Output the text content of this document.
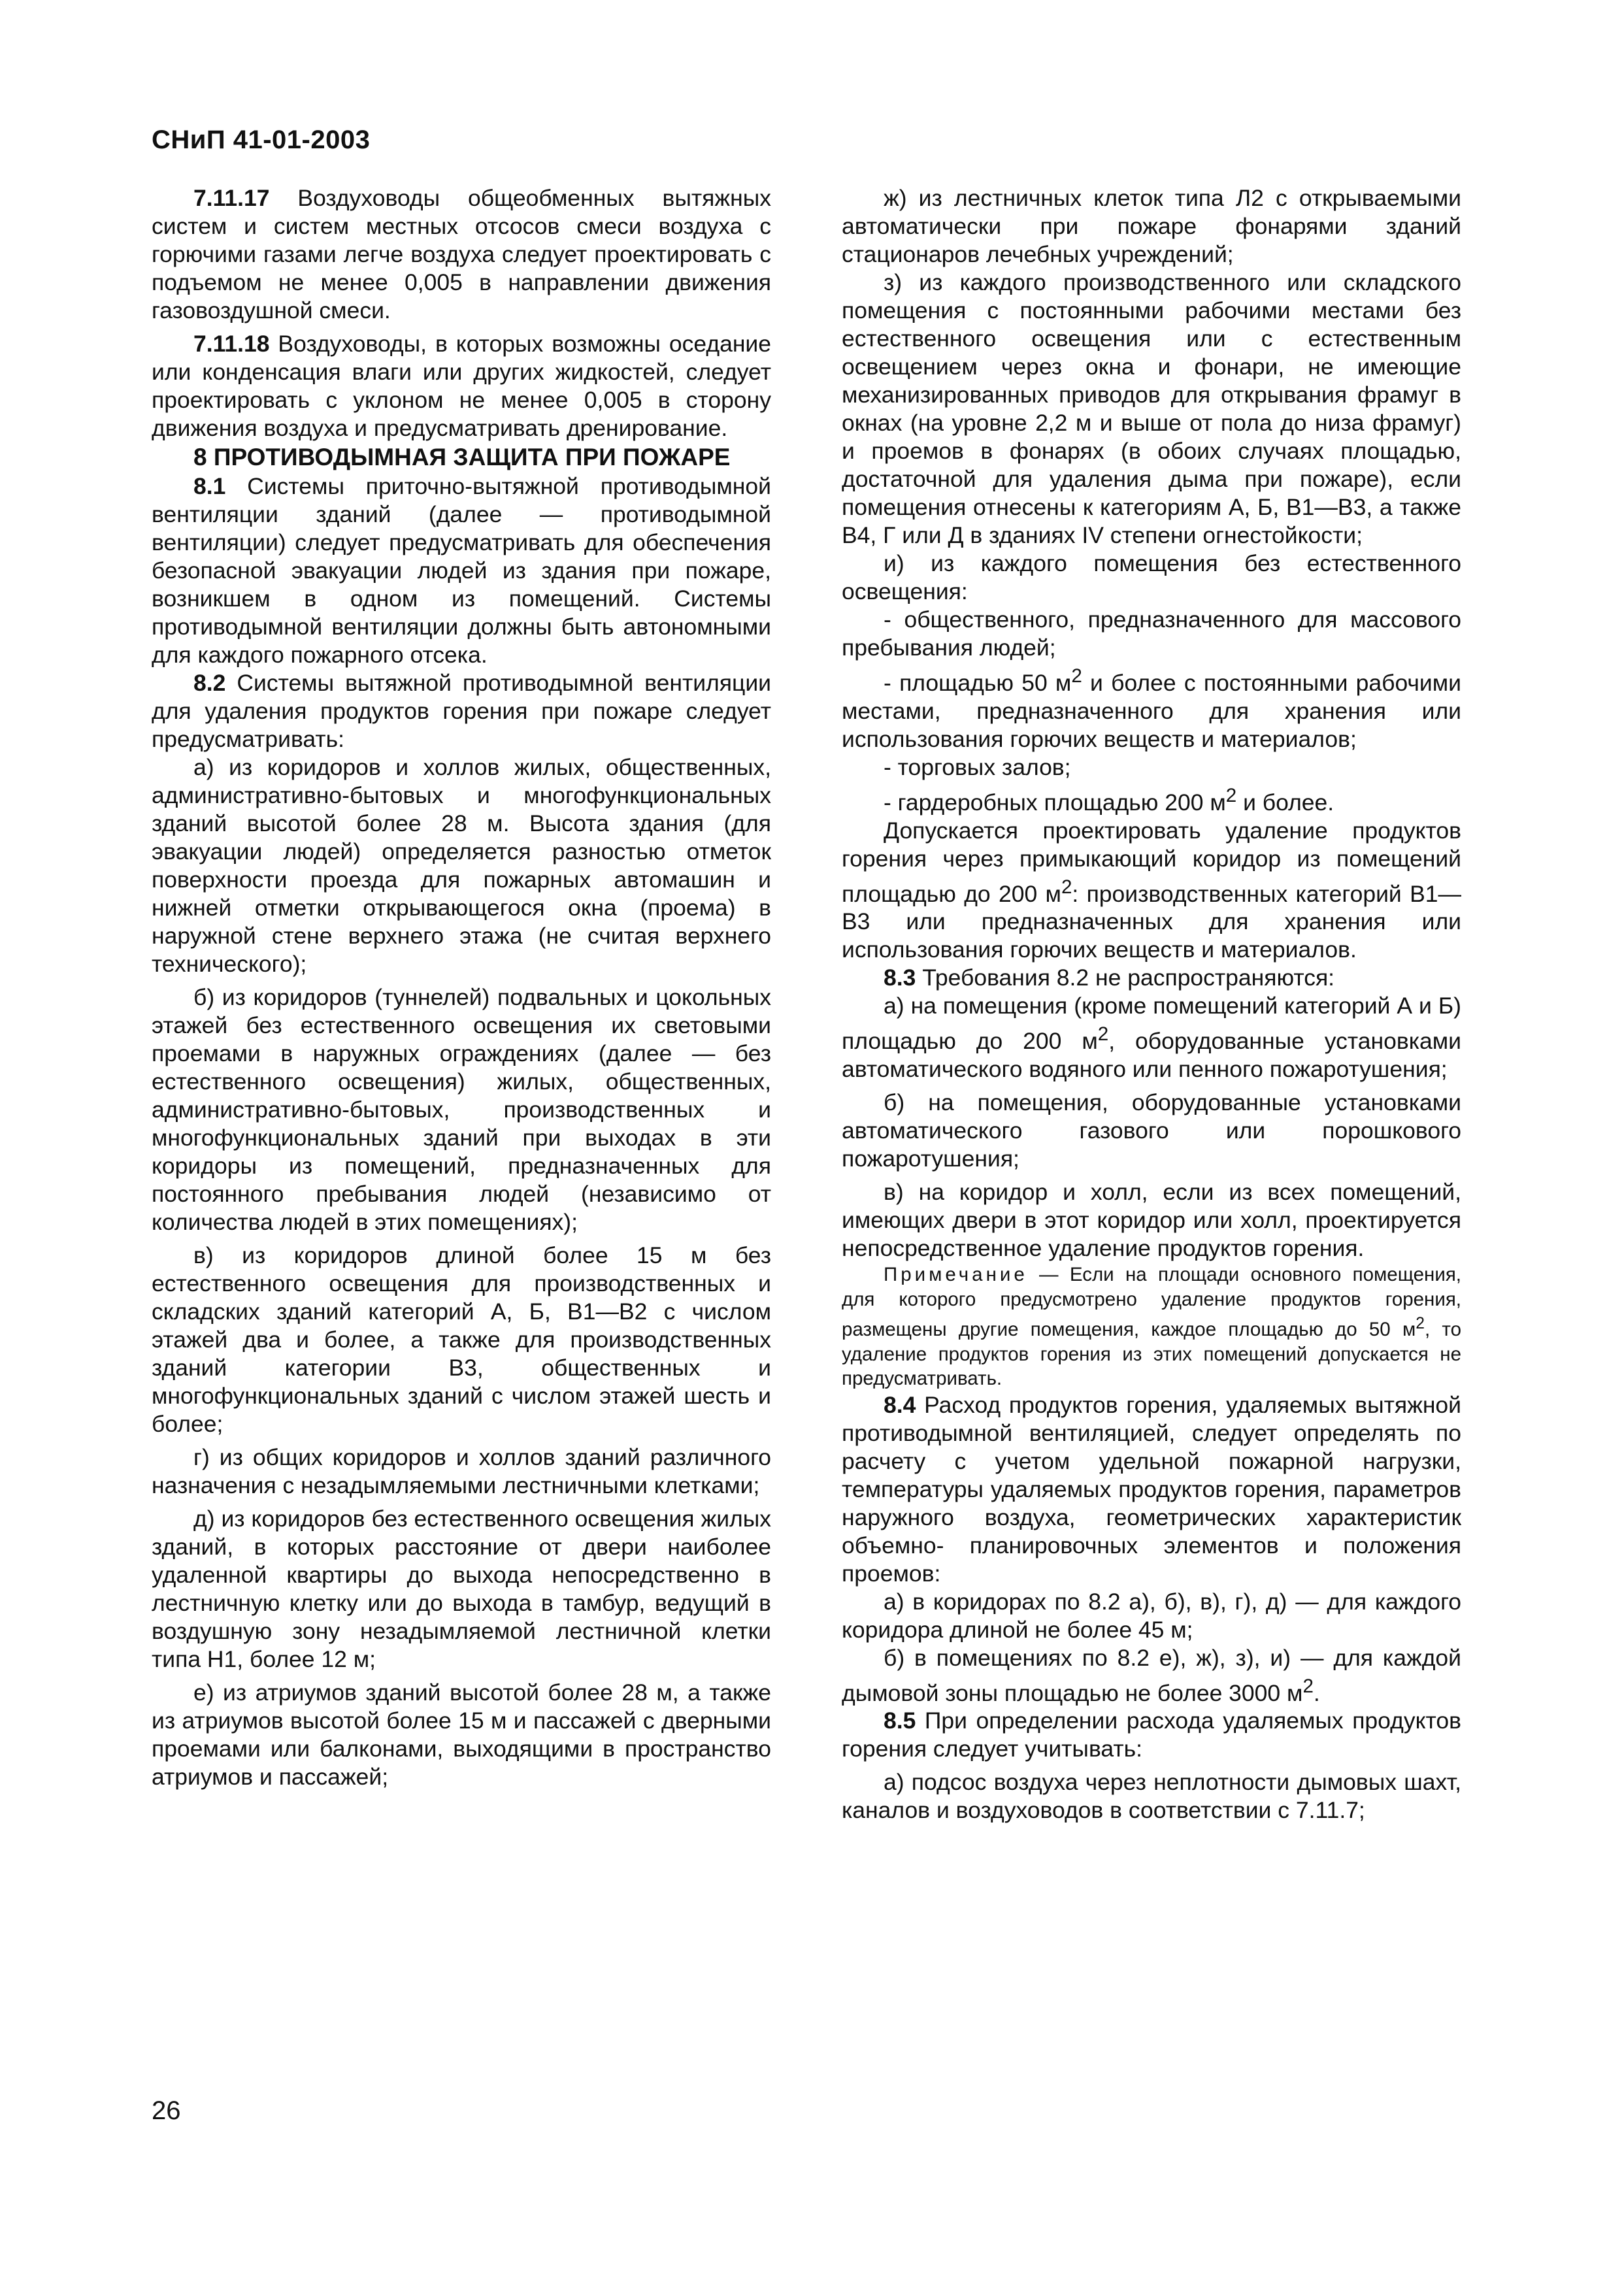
СНиП 41-01-2003

7.11.17 Воздуховоды общеобменных вытяжных систем и систем местных отсосов смеси воздуха с горючими газами легче воздуха следует проектировать с подъемом не менее 0,005 в направлении движения газовоздушной смеси.

7.11.18 Воздуховоды, в которых возможны оседание или конденсация влаги или других жидкостей, следует проектировать с уклоном не менее 0,005 в сторону движения воздуха и предусматривать дренирование.

8 ПРОТИВОДЫМНАЯ ЗАЩИТА ПРИ ПОЖАРЕ

8.1 Системы приточно-вытяжной противодымной вентиляции зданий (далее — противодымной вентиляции) следует предусматривать для обеспечения безопасной эвакуации людей из здания при пожаре, возникшем в одном из помещений. Системы противодымной вентиляции должны быть автономными для каждого пожарного отсека.

8.2 Системы вытяжной противодымной вентиляции для удаления продуктов горения при пожаре следует предусматривать:

а) из коридоров и холлов жилых, общественных, административно-бытовых и многофункциональных зданий высотой более 28 м. Высота здания (для эвакуации людей) определяется разностью отметок поверхности проезда для пожарных автомашин и нижней отметки открывающегося окна (проема) в наружной стене верхнего этажа (не считая верхнего технического);

б) из коридоров (туннелей) подвальных и цокольных этажей без естественного освещения их световыми проемами в наружных ограждениях (далее — без естественного освещения) жилых, общественных, административно-бытовых, производственных и многофункциональных зданий при выходах в эти коридоры из помещений, предназначенных для постоянного пребывания людей (независимо от количества людей в этих помещениях);

в) из коридоров длиной более 15 м без естественного освещения для производственных и складских зданий категорий А, Б, В1—В2 с числом этажей два и более, а также для производственных зданий категории В3, общественных и многофункциональных зданий с числом этажей шесть и более;

г) из общих коридоров и холлов зданий различного назначения с незадымляемыми лестничными клетками;

д) из коридоров без естественного освещения жилых зданий, в которых расстояние от двери наиболее удаленной квартиры до выхода непосредственно в лестничную клетку или до выхода в тамбур, ведущий в воздушную зону незадымляемой лестничной клетки типа Н1, более 12 м;

е) из атриумов зданий высотой более 28 м, а также из атриумов высотой более 15 м и пассажей с дверными проемами или балконами, выходящими в пространство атриумов и пассажей;

ж) из лестничных клеток типа Л2 с открываемыми автоматически при пожаре фонарями зданий стационаров лечебных учреждений;

з) из каждого производственного или складского помещения с постоянными рабочими местами без естественного освещения или с естественным освещением через окна и фонари, не имеющие механизированных приводов для открывания фрамуг в окнах (на уровне 2,2 м и выше от пола до низа фрамуг) и проемов в фонарях (в обоих случаях площадью, достаточной для удаления дыма при пожаре), если помещения отнесены к категориям А, Б, В1—В3, а также В4, Г или Д в зданиях IV степени огнестойкости;

и) из каждого помещения без естественного освещения:

- общественного, предназначенного для массового пребывания людей;

- площадью 50 $м^2$ и более с постоянными рабочими местами, предназначенного для хранения или использования горючих веществ и материалов;

- торговых залов;

- гардеробных площадью 200 $м^2$ и более.

Допускается проектировать удаление продуктов горения через примыкающий коридор из помещений площадью до 200 $м^2$: производственных категорий В1—В3 или предназначенных для хранения или использования горючих веществ и материалов.

8.3 Требования 8.2 не распространяются:

а) на помещения (кроме помещений категорий А и Б) площадью до 200 $м^2$, оборудованные установками автоматического водяного или пенного пожаротушения;

б) на помещения, оборудованные установками автоматического газового или порошкового пожаротушения;

в) на коридор и холл, если из всех помещений, имеющих двери в этот коридор или холл, проектируется непосредственное удаление продуктов горения.

Примечание — Если на площади основного помещения, для которого предусмотрено удаление продуктов горения, размещены другие помещения, каждое площадью до 50 $м^2$, то удаление продуктов горения из этих помещений допускается не предусматривать.

8.4 Расход продуктов горения, удаляемых вытяжной противодымной вентиляцией, следует определять по расчету с учетом удельной пожарной нагрузки, температуры удаляемых продуктов горения, параметров наружного воздуха, геометрических характеристик объемно- планировочных элементов и положения проемов:

а) в коридорах по 8.2 а), б), в), г), д) — для каждого коридора длиной не более 45 м;

б) в помещениях по 8.2 е), ж), з), и) — для каждой дымовой зоны площадью не более 3000 $м^2$.

8.5 При определении расхода удаляемых продуктов горения следует учитывать:

а) подсос воздуха через неплотности дымовых шахт, каналов и воздуховодов в соответствии с 7.11.7;

26
